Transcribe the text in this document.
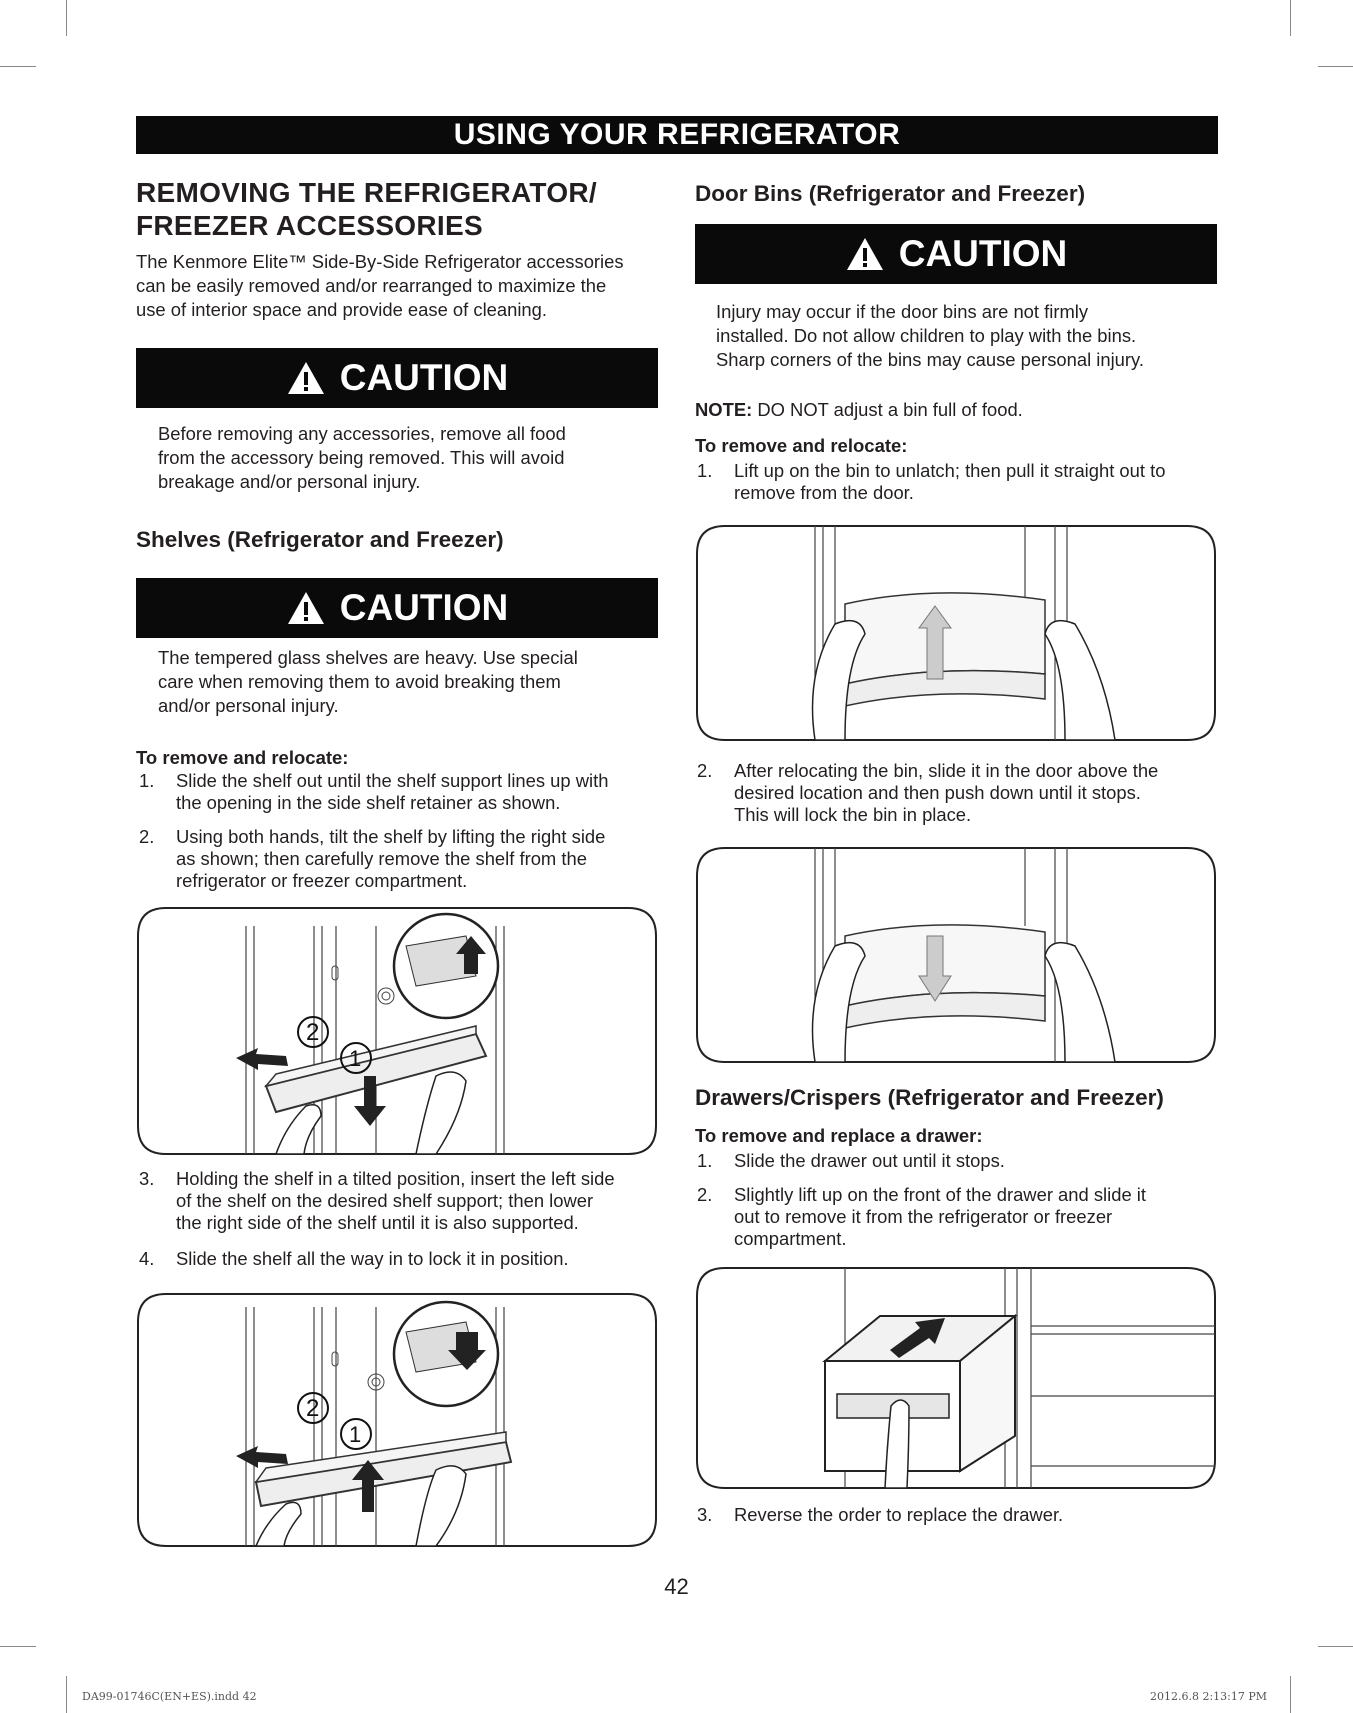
USING YOUR REFRIGERATOR
REMOVING THE REFRIGERATOR/
FREEZER ACCESSORIES
The Kenmore Elite™ Side-By-Side Refrigerator accessories
can be easily removed and/or rearranged to maximize the
use of interior space and provide ease of cleaning.
CAUTION
Before removing any accessories, remove all food
from the accessory being removed. This will avoid
breakage and/or personal injury.
Shelves (Refrigerator and Freezer)
CAUTION
The tempered glass shelves are heavy. Use special
care when removing them to avoid breaking them
and/or personal injury.
To remove and relocate:
1. Slide the shelf out until the shelf support lines up with
the opening in the side shelf retainer as shown.
2. Using both hands, tilt the shelf by lifting the right side
as shown; then carefully remove the shelf from the
refrigerator or freezer compartment.
2
1
3. Holding the shelf in a tilted position, insert the left side
of the shelf on the desired shelf support; then lower
the right side of the shelf until it is also supported.
4. Slide the shelf all the way in to lock it in position.
2
1
Door Bins (Refrigerator and Freezer)
CAUTION
Injury may occur if the door bins are not firmly
installed. Do not allow children to play with the bins.
Sharp corners of the bins may cause personal injury.
NOTE: DO NOT adjust a bin full of food.
To remove and relocate:
1. Lift up on the bin to unlatch; then pull it straight out to
remove from the door.
2. After relocating the bin, slide it in the door above the
desired location and then push down until it stops.
This will lock the bin in place.
Drawers/Crispers (Refrigerator and Freezer)
To remove and replace a drawer:
1. Slide the drawer out until it stops.
2. Slightly lift up on the front of the drawer and slide it
out to remove it from the refrigerator or freezer
compartment.
3. Reverse the order to replace the drawer.
42
DA99-01746C(EN+ES).indd 42	2012.6.8 2:13:17 PM
